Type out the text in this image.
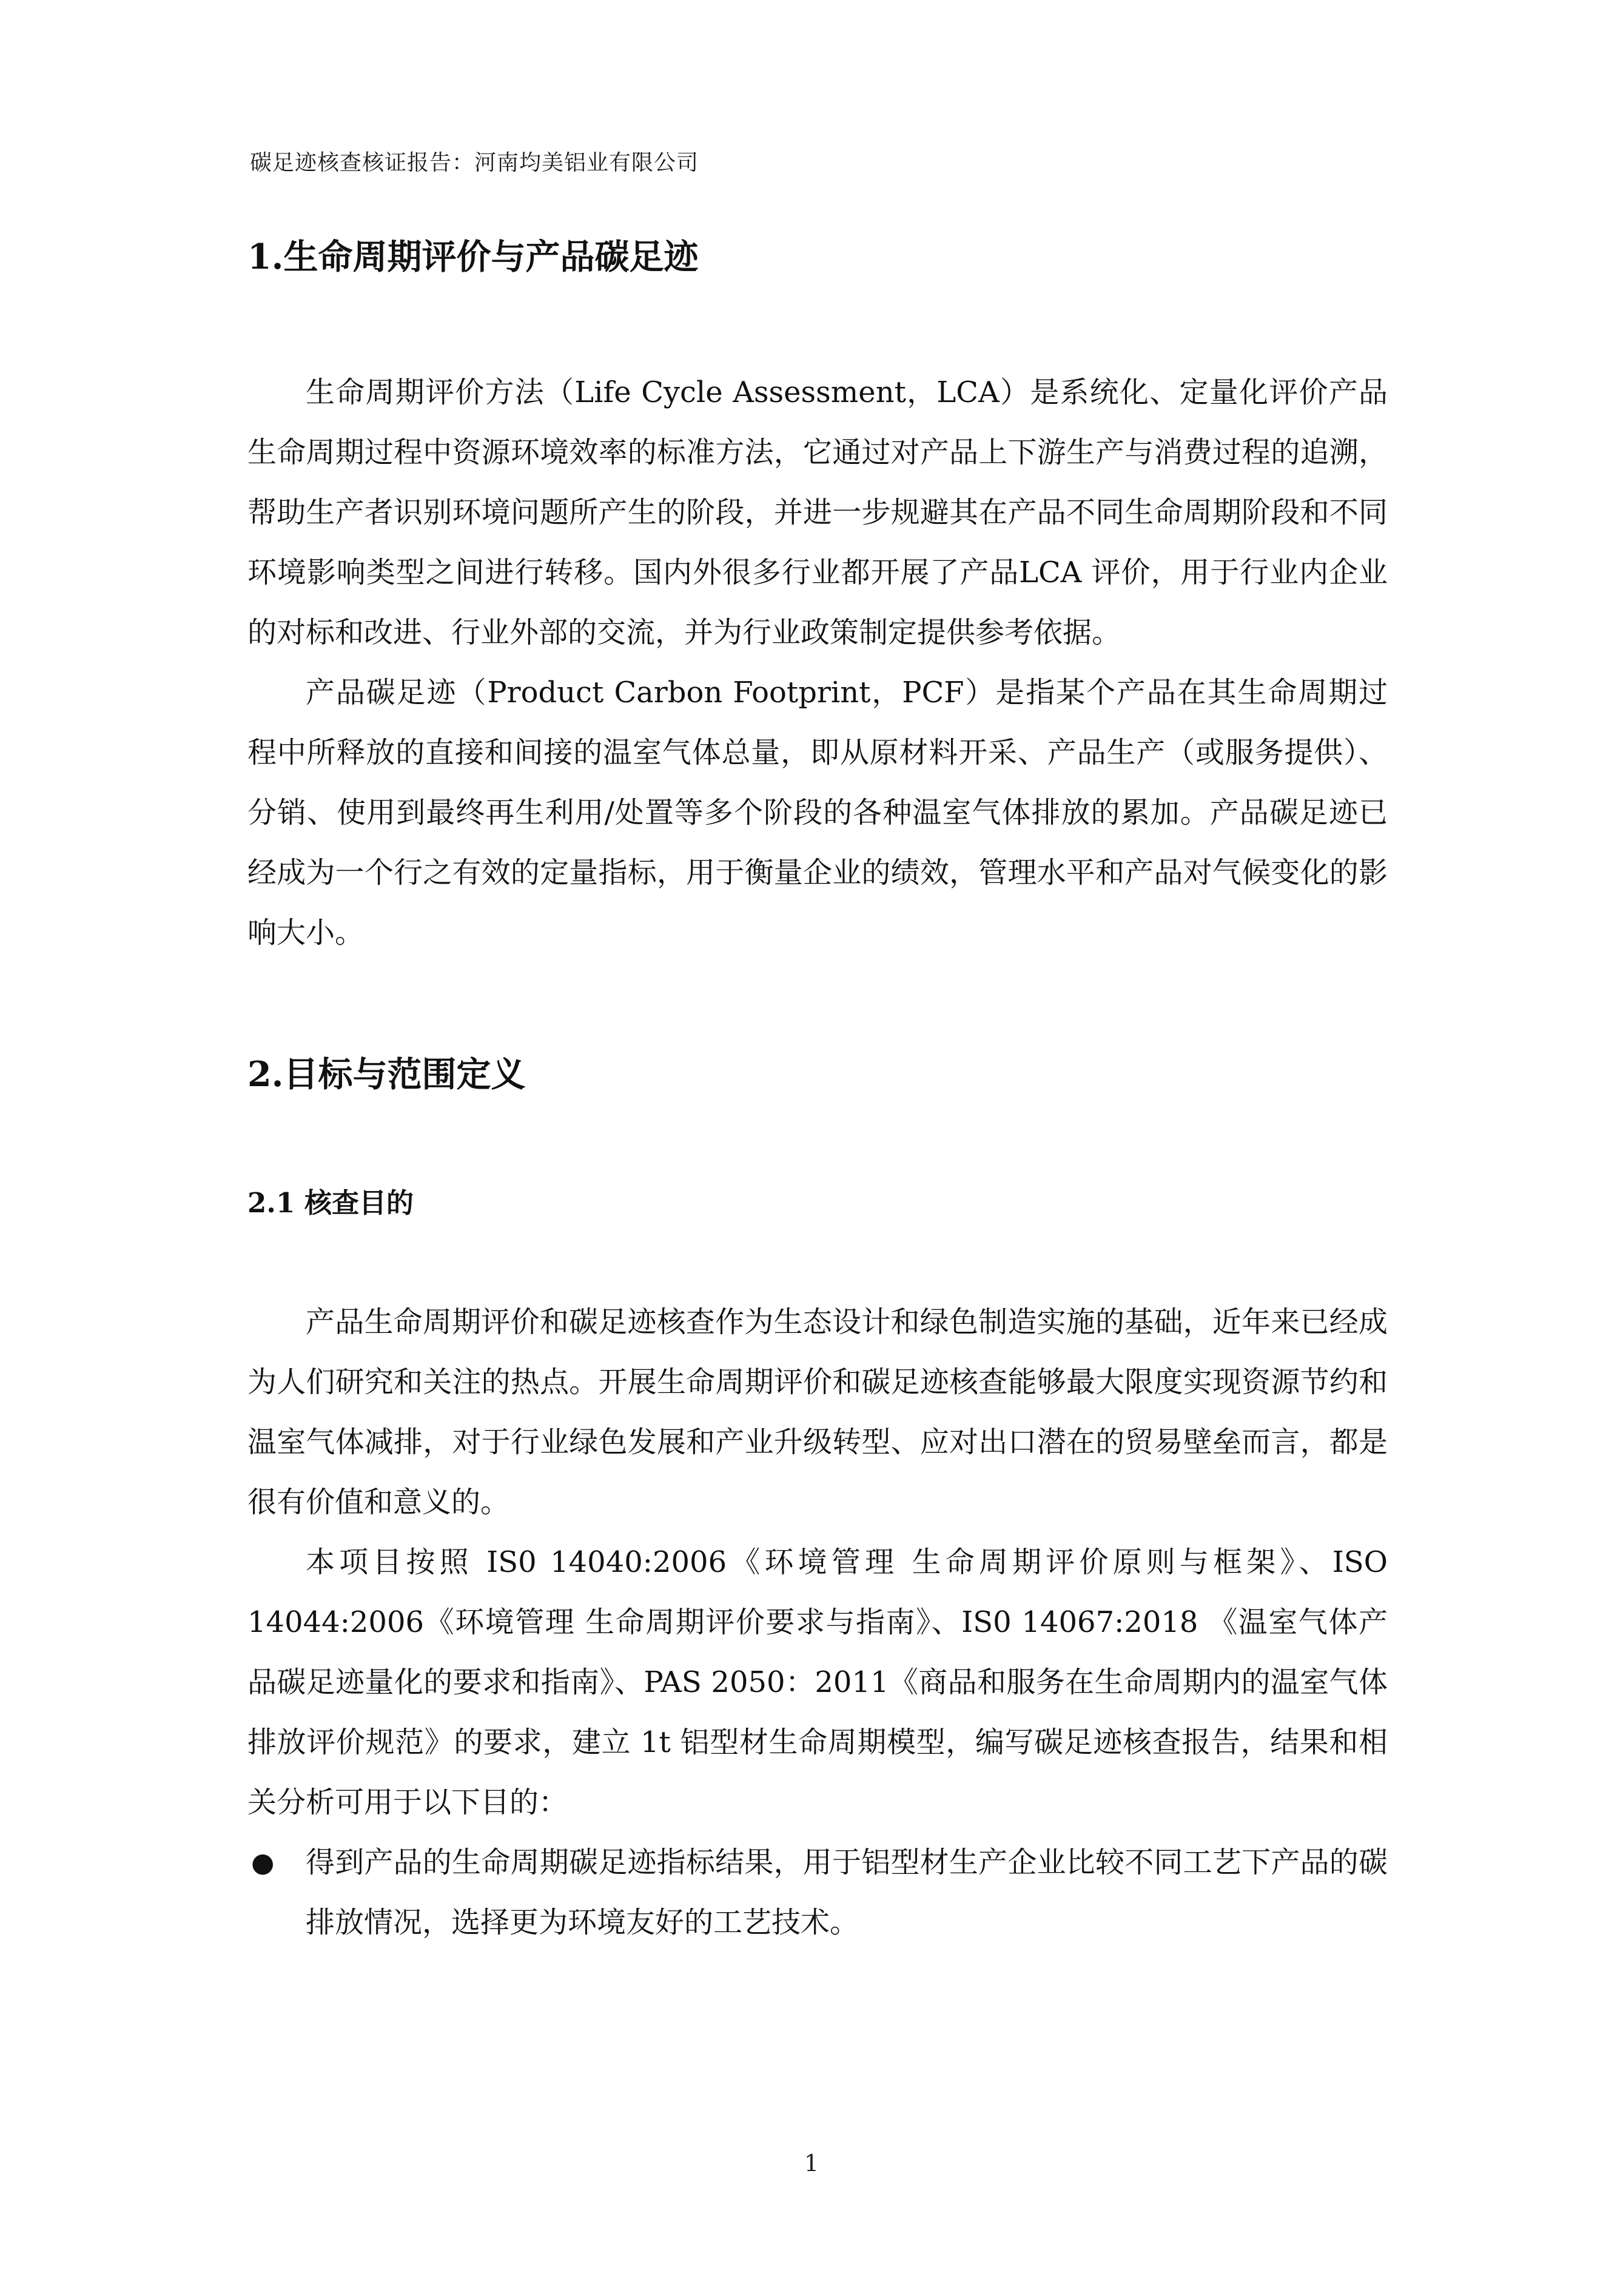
碳足迹核查核证报告：河南均美铝业有限公司

1.生命周期评价与产品碳足迹

生命周期评价方法（Life Cycle Assessment，LCA）是系统化、定量化评价产品生命周期过程中资源环境效率的标准方法，它通过对产品上下游生产与消费过程的追溯，帮助生产者识别环境问题所产生的阶段，并进一步规避其在产品不同生命周期阶段和不同环境影响类型之间进行转移。国内外很多行业都开展了产品LCA 评价，用于行业内企业的对标和改进、行业外部的交流，并为行业政策制定提供参考依据。

产品碳足迹（Product Carbon Footprint，PCF）是指某个产品在其生命周期过程中所释放的直接和间接的温室气体总量，即从原材料开采、产品生产（或服务提供）、分销、使用到最终再生利用/处置等多个阶段的各种温室气体排放的累加。产品碳足迹已经成为一个行之有效的定量指标，用于衡量企业的绩效，管理水平和产品对气候变化的影响大小。

2.目标与范围定义
2.1 核查目的

产品生命周期评价和碳足迹核查作为生态设计和绿色制造实施的基础，近年来已经成为人们研究和关注的热点。开展生命周期评价和碳足迹核查能够最大限度实现资源节约和温室气体减排，对于行业绿色发展和产业升级转型、应对出口潜在的贸易壁垒而言，都是很有价值和意义的。

本项目按照 IS0 14040:2006《环境管理 生命周期评价原则与框架》、ISO 14044:2006《环境管理 生命周期评价要求与指南》、IS0 14067:2018 《温室气体产品碳足迹量化的要求和指南》、PAS 2050：2011《商品和服务在生命周期内的温室气体排放评价规范》的要求，建立 1t 铝型材生命周期模型，编写碳足迹核查报告，结果和相关分析可用于以下目的：

● 得到产品的生命周期碳足迹指标结果，用于铝型材生产企业比较不同工艺下产品的碳排放情况，选择更为环境友好的工艺技术。
1
